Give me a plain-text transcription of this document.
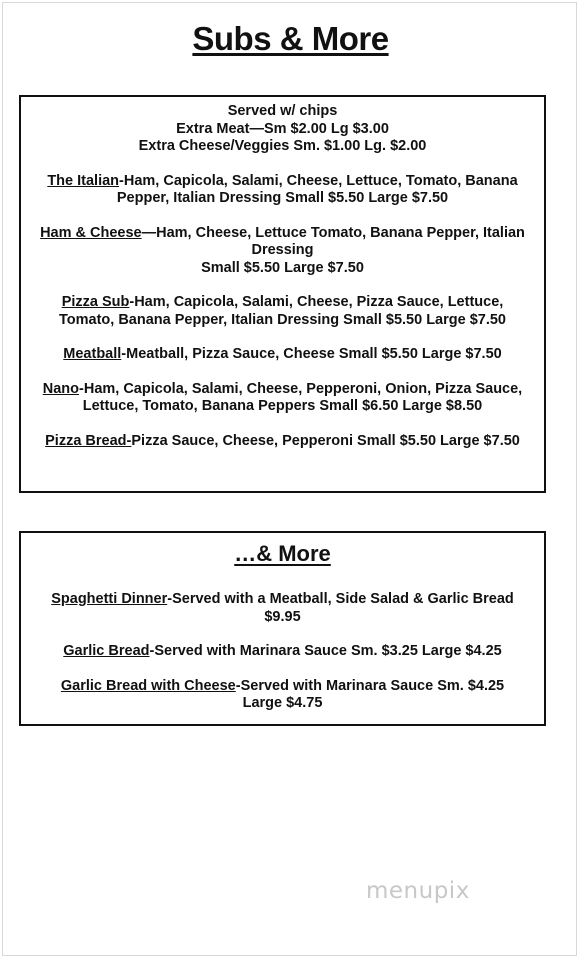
Subs & More
Served w/ chips
Extra Meat—Sm $2.00 Lg $3.00
Extra Cheese/Veggies Sm. $1.00 Lg. $2.00
The Italian-Ham, Capicola, Salami, Cheese, Lettuce, Tomato, Banana
Pepper, Italian Dressing Small $5.50 Large $7.50
Ham & Cheese—Ham, Cheese, Lettuce Tomato, Banana Pepper, Italian
Dressing
Small $5.50 Large $7.50
Pizza Sub-Ham, Capicola, Salami, Cheese, Pizza Sauce, Lettuce,
Tomato, Banana Pepper, Italian Dressing Small $5.50 Large $7.50
Meatball-Meatball, Pizza Sauce, Cheese Small $5.50 Large $7.50
Nano-Ham, Capicola, Salami, Cheese, Pepperoni, Onion, Pizza Sauce,
Lettuce, Tomato, Banana Peppers Small $6.50 Large $8.50
Pizza Bread-Pizza Sauce, Cheese, Pepperoni Small $5.50 Large $7.50
…& More
Spaghetti Dinner-Served with a Meatball, Side Salad & Garlic Bread
$9.95
Garlic Bread-Served with Marinara Sauce Sm. $3.25 Large $4.25
Garlic Bread with Cheese-Served with Marinara Sauce Sm. $4.25
Large $4.75
menupix
